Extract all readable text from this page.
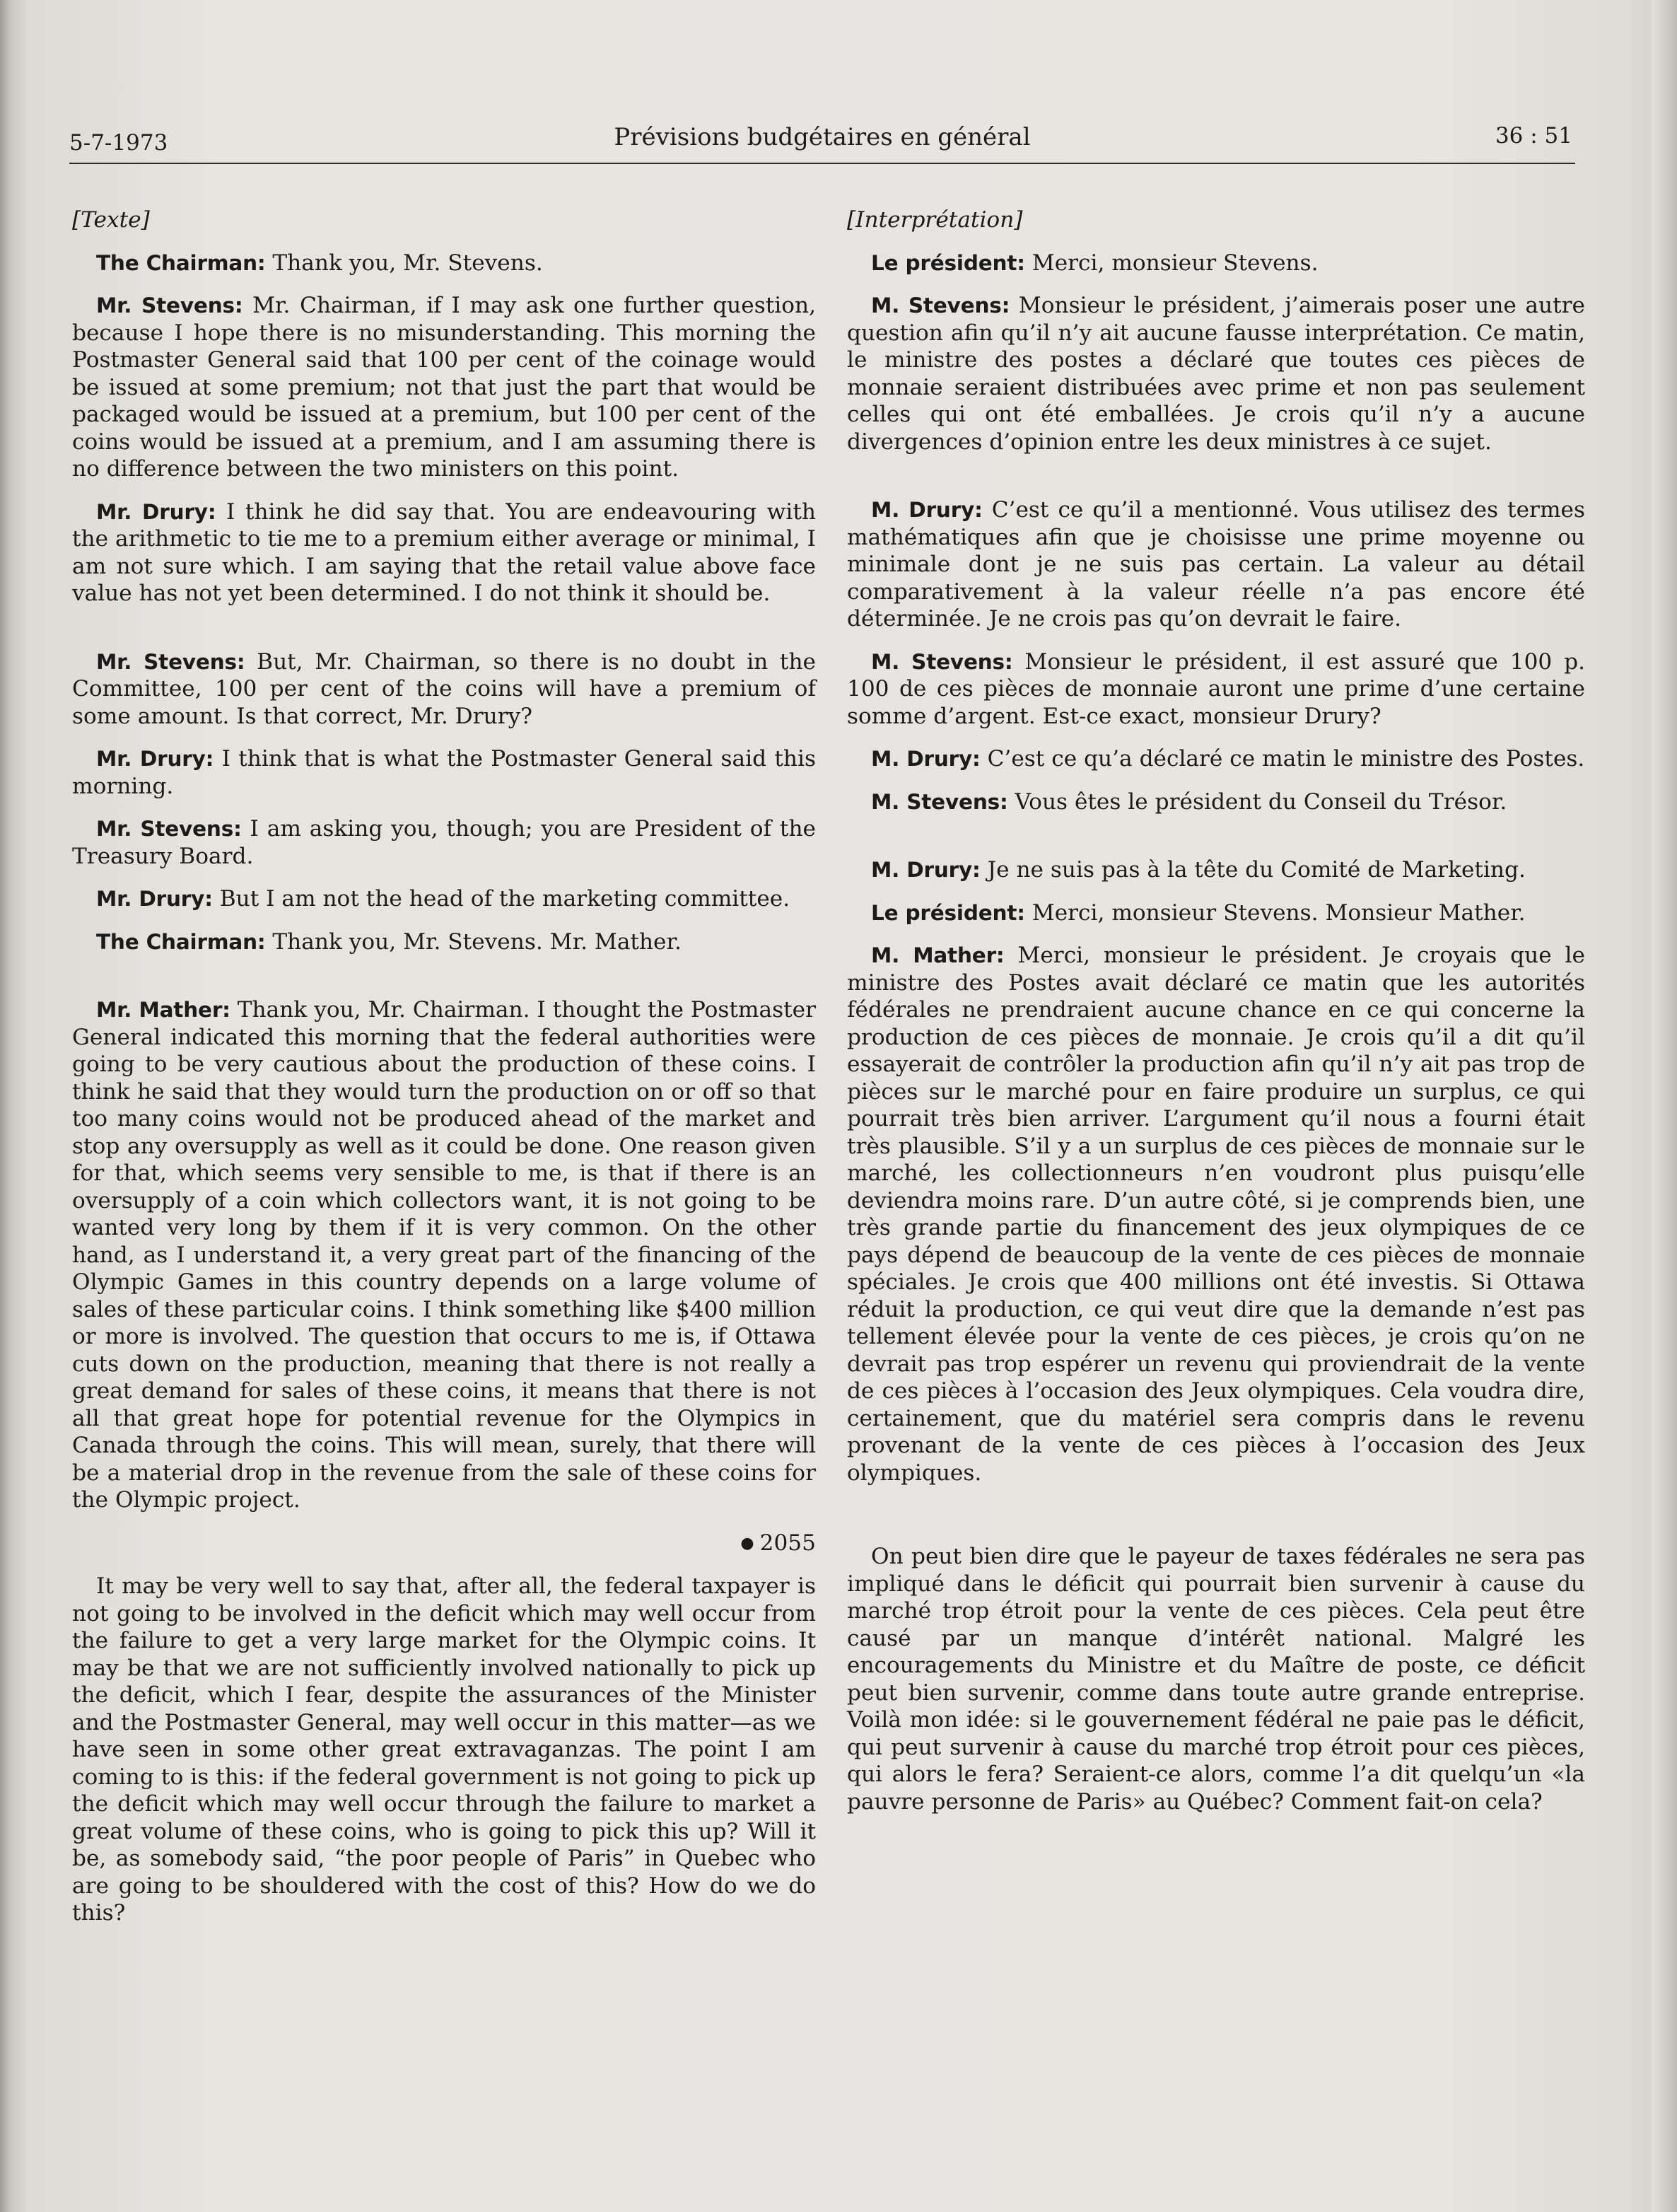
5-7-1973	Prévisions budgétaires en général	36 : 51

[Texte]

The Chairman: Thank you, Mr. Stevens.

Mr. Stevens: Mr. Chairman, if I may ask one further question, because I hope there is no misunderstanding. This morning the Postmaster General said that 100 per cent of the coinage would be issued at some premium; not that just the part that would be packaged would be issued at a premium, but 100 per cent of the coins would be issued at a premium, and I am assuming there is no difference between the two ministers on this point.

Mr. Drury: I think he did say that. You are endeavouring with the arithmetic to tie me to a premium either average or minimal, I am not sure which. I am saying that the retail value above face value has not yet been determined. I do not think it should be.

Mr. Stevens: But, Mr. Chairman, so there is no doubt in the Committee, 100 per cent of the coins will have a premium of some amount. Is that correct, Mr. Drury?

Mr. Drury: I think that is what the Postmaster General said this morning.

Mr. Stevens: I am asking you, though; you are President of the Treasury Board.

Mr. Drury: But I am not the head of the marketing committee.

The Chairman: Thank you, Mr. Stevens. Mr. Mather.

Mr. Mather: Thank you, Mr. Chairman. I thought the Postmaster General indicated this morning that the federal authorities were going to be very cautious about the production of these coins. I think he said that they would turn the production on or off so that too many coins would not be produced ahead of the market and stop any oversupply as well as it could be done. One reason given for that, which seems very sensible to me, is that if there is an oversupply of a coin which collectors want, it is not going to be wanted very long by them if it is very common. On the other hand, as I understand it, a very great part of the financing of the Olympic Games in this country depends on a large volume of sales of these particular coins. I think something like $400 million or more is involved. The question that occurs to me is, if Ottawa cuts down on the production, meaning that there is not really a great demand for sales of these coins, it means that there is not all that great hope for potential revenue for the Olympics in Canada through the coins. This will mean, surely, that there will be a material drop in the revenue from the sale of these coins for the Olympic project.

● 2055

It may be very well to say that, after all, the federal taxpayer is not going to be involved in the deficit which may well occur from the failure to get a very large market for the Olympic coins. It may be that we are not sufficiently involved nationally to pick up the deficit, which I fear, despite the assurances of the Minister and the Postmaster General, may well occur in this matter—as we have seen in some other great extravaganzas. The point I am coming to is this: if the federal government is not going to pick up the deficit which may well occur through the failure to market a great volume of these coins, who is going to pick this up? Will it be, as somebody said, “the poor people of Paris” in Quebec who are going to be shouldered with the cost of this? How do we do this?

[Interprétation]

Le président: Merci, monsieur Stevens.

M. Stevens: Monsieur le président, j’aimerais poser une autre question afin qu’il n’y ait aucune fausse interprétation. Ce matin, le ministre des postes a déclaré que toutes ces pièces de monnaie seraient distribuées avec prime et non pas seulement celles qui ont été emballées. Je crois qu’il n’y a aucune divergences d’opinion entre les deux ministres à ce sujet.

M. Drury: C’est ce qu’il a mentionné. Vous utilisez des termes mathématiques afin que je choisisse une prime moyenne ou minimale dont je ne suis pas certain. La valeur au détail comparativement à la valeur réelle n’a pas encore été déterminée. Je ne crois pas qu’on devrait le faire.

M. Stevens: Monsieur le président, il est assuré que 100 p. 100 de ces pièces de monnaie auront une prime d’une certaine somme d’argent. Est-ce exact, monsieur Drury?

M. Drury: C’est ce qu’a déclaré ce matin le ministre des Postes.

M. Stevens: Vous êtes le président du Conseil du Trésor.

M. Drury: Je ne suis pas à la tête du Comité de Marketing.

Le président: Merci, monsieur Stevens. Monsieur Mather.

M. Mather: Merci, monsieur le président. Je croyais que le ministre des Postes avait déclaré ce matin que les autorités fédérales ne prendraient aucune chance en ce qui concerne la production de ces pièces de monnaie. Je crois qu’il a dit qu’il essayerait de contrôler la production afin qu’il n’y ait pas trop de pièces sur le marché pour en faire produire un surplus, ce qui pourrait très bien arriver. L’argument qu’il nous a fourni était très plausible. S’il y a un surplus de ces pièces de monnaie sur le marché, les collectionneurs n’en voudront plus puisqu’elle deviendra moins rare. D’un autre côté, si je comprends bien, une très grande partie du financement des jeux olympiques de ce pays dépend de beaucoup de la vente de ces pièces de monnaie spéciales. Je crois que 400 millions ont été investis. Si Ottawa réduit la production, ce qui veut dire que la demande n’est pas tellement élevée pour la vente de ces pièces, je crois qu’on ne devrait pas trop espérer un revenu qui proviendrait de la vente de ces pièces à l’occasion des Jeux olympiques. Cela voudra dire, certainement, que du matériel sera compris dans le revenu provenant de la vente de ces pièces à l’occasion des Jeux olympiques.

On peut bien dire que le payeur de taxes fédérales ne sera pas impliqué dans le déficit qui pourrait bien survenir à cause du marché trop étroit pour la vente de ces pièces. Cela peut être causé par un manque d’intérêt national. Malgré les encouragements du Ministre et du Maître de poste, ce déficit peut bien survenir, comme dans toute autre grande entreprise. Voilà mon idée: si le gouvernement fédéral ne paie pas le déficit, qui peut survenir à cause du marché trop étroit pour ces pièces, qui alors le fera? Seraient-ce alors, comme l’a dit quelqu’un «la pauvre personne de Paris» au Québec? Comment fait-on cela?
